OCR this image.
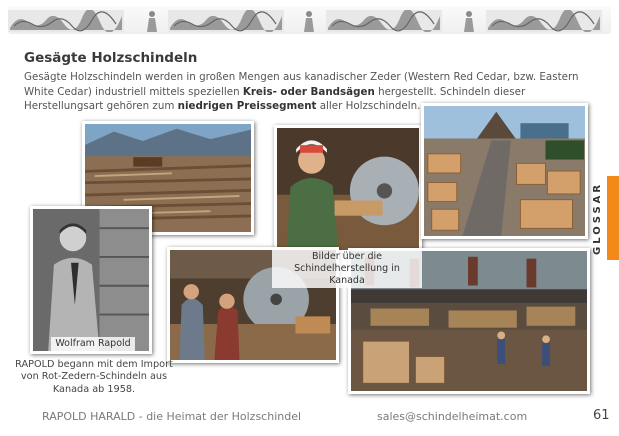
Gesägte Holzschindeln

Gesägte Holzschindeln werden in großen Mengen aus kanadischer Zeder (Western Red Cedar, bzw. Eastern White Cedar) industriell mittels speziellen Kreis- oder Bandsägen hergestellt. Schindeln dieser Herstellungsart gehören zum niedrigen Preissegment aller Holzschindeln.

Wolfram Rapold
Bilder über die Schindelherstellung in Kanada
GLOSSAR

RAPOLD begann mit dem Import von Rot-Zedern-Schindeln aus Kanada ab 1958.

RAPOLD HARALD - die Heimat der Holzschindel	sales@schindelheimat.com	61
